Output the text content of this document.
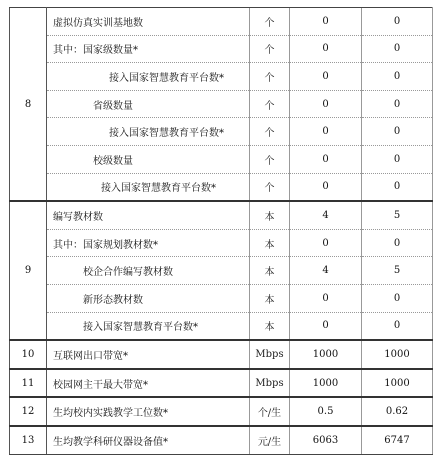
8	虚拟仿真实训基地数	个	0	0
	其中：国家级数量*	个	0	0
	接入国家智慧教育平台数*	个	0	0
	省级数量	个	0	0
	接入国家智慧教育平台数*	个	0	0
	校级数量	个	0	0
	接入国家智慧教育平台数*	个	0	0
9	编写教材数	本	4	5
	其中：国家规划教材数*	本	0	0
	校企合作编写教材数	本	4	5
	新形态教材数	本	0	0
	接入国家智慧教育平台数*	本	0	0
10	互联网出口带宽*	Mbps	1000	1000
11	校园网主干最大带宽*	Mbps	1000	1000
12	生均校内实践教学工位数*	个/生	0.5	0.62
13	生均教学科研仪器设备值*	元/生	6063	6747
